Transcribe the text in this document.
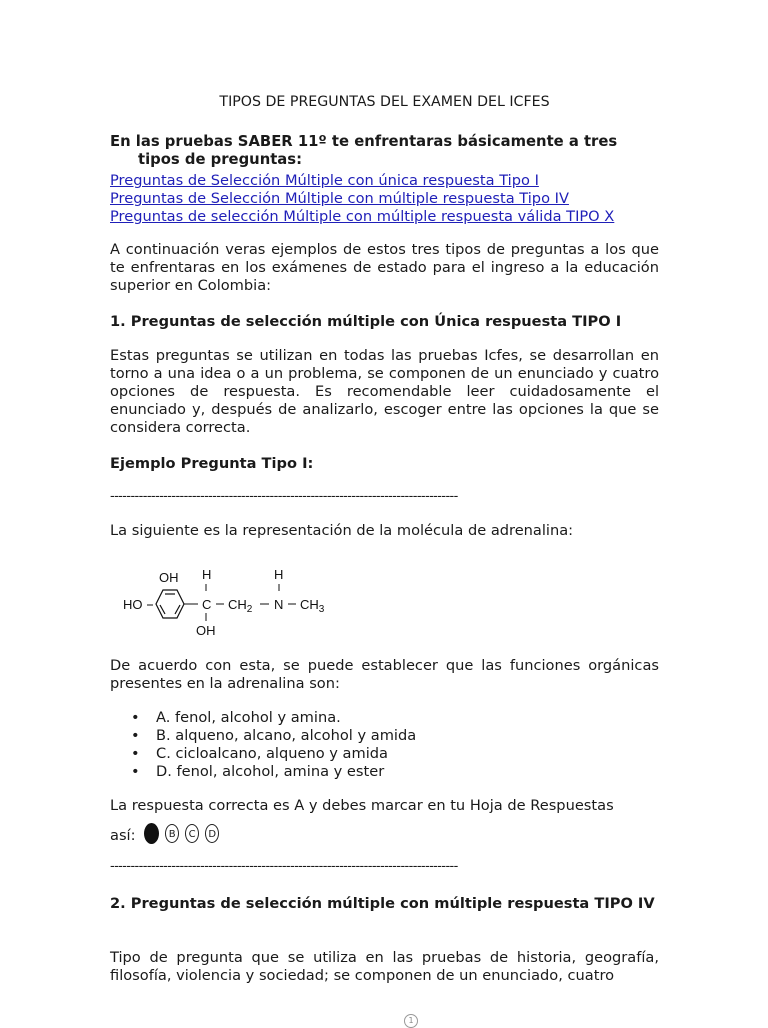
TIPOS DE PREGUNTAS DEL EXAMEN DEL ICFES
En las pruebas SABER 11º te enfrentaras básicamente a tres
tipos de preguntas:
Preguntas de Selección Múltiple con única respuesta Tipo I
Preguntas de Selección Múltiple con múltiple respuesta Tipo IV
Preguntas de selección Múltiple con múltiple respuesta válida TIPO X
A continuación veras ejemplos de estos tres tipos de preguntas a los que te enfrentaras en los exámenes de estado para el ingreso a la educación superior en Colombia:
1. Preguntas de selección múltiple con Única respuesta TIPO I
Estas preguntas se utilizan en todas las pruebas Icfes, se desarrollan en torno a una idea o a un problema, se componen de un enunciado y cuatro opciones de respuesta. Es recomendable leer cuidadosamente el enunciado y, después de analizarlo, escoger entre las opciones la que se considera correcta.
Ejemplo Pregunta Tipo I:
-------------------------------------------------------------------------------------
La siguiente es la representación de la molécula de adrenalina:
OH
HO
H
C $CH_2$
H
N $CH_3$
OH
De acuerdo con esta, se puede establecer que las funciones orgánicas presentes en la adrenalina son:
• A. fenol, alcohol y amina.
• B. alqueno, alcano, alcohol y amida
• C. cicloalcano, alqueno y amida
• D. fenol, alcohol, amina y ester
La respuesta correcta es A y debes marcar en tu Hoja de Respuestas
así:	B	C	D
-------------------------------------------------------------------------------------
2. Preguntas de selección múltiple con múltiple respuesta TIPO IV
Tipo de pregunta que se utiliza en las pruebas de historia, geografía, filosofía, violencia y sociedad; se componen de un enunciado, cuatro
1
